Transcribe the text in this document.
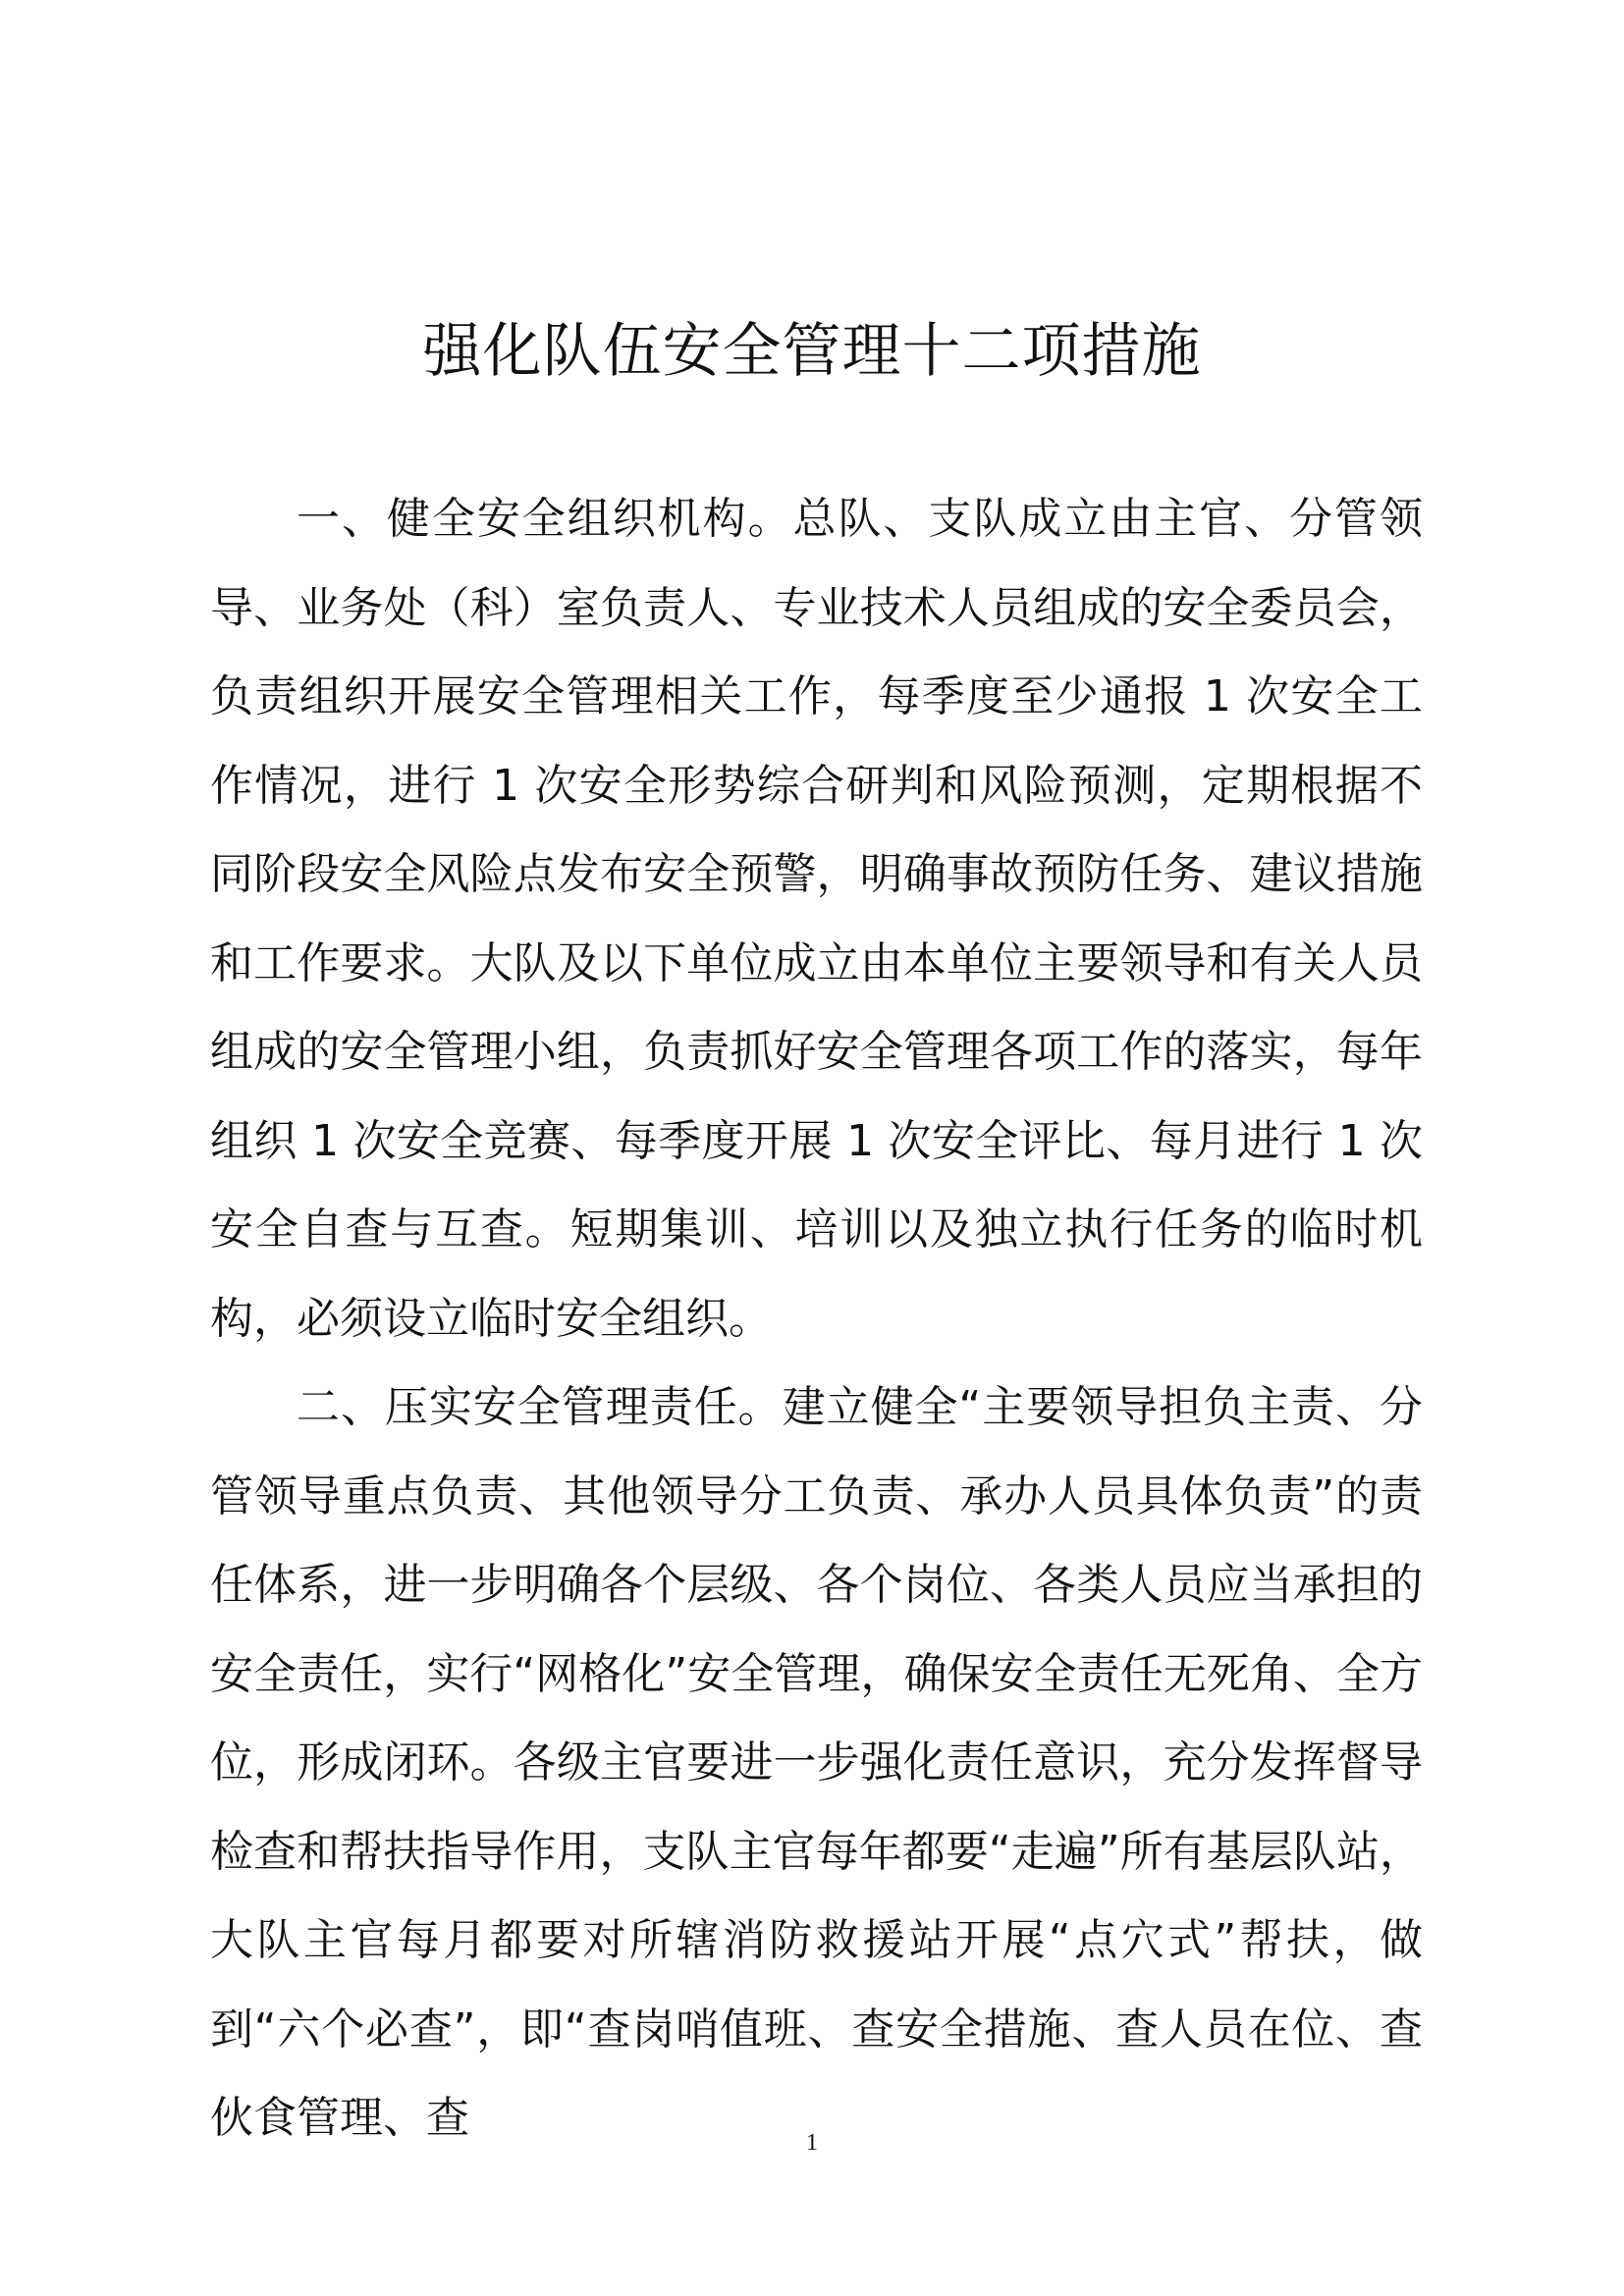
强化队伍安全管理十二项措施

一、健全安全组织机构。总队、支队成立由主官、分管领导、业务处（科）室负责人、专业技术人员组成的安全委员会，负责组织开展安全管理相关工作，每季度至少通报 1 次安全工作情况，进行 1 次安全形势综合研判和风险预测，定期根据不同阶段安全风险点发布安全预警，明确事故预防任务、建议措施和工作要求。大队及以下单位成立由本单位主要领导和有关人员组成的安全管理小组，负责抓好安全管理各项工作的落实，每年组织 1 次安全竞赛、每季度开展 1 次安全评比、每月进行 1 次安全自查与互查。短期集训、培训以及独立执行任务的临时机构，必须设立临时安全组织。

二、压实安全管理责任。建立健全“主要领导担负主责、分管领导重点负责、其他领导分工负责、承办人员具体负责”的责任体系，进一步明确各个层级、各个岗位、各类人员应当承担的安全责任，实行“网格化”安全管理，确保安全责任无死角、全方位，形成闭环。各级主官要进一步强化责任意识，充分发挥督导检查和帮扶指导作用，支队主官每年都要“走遍”所有基层队站，大队主官每月都要对所辖消防救援站开展“点穴式”帮扶，做到“六个必查”，即“查岗哨值班、查安全措施、查人员在位、查伙食管理、查	1
